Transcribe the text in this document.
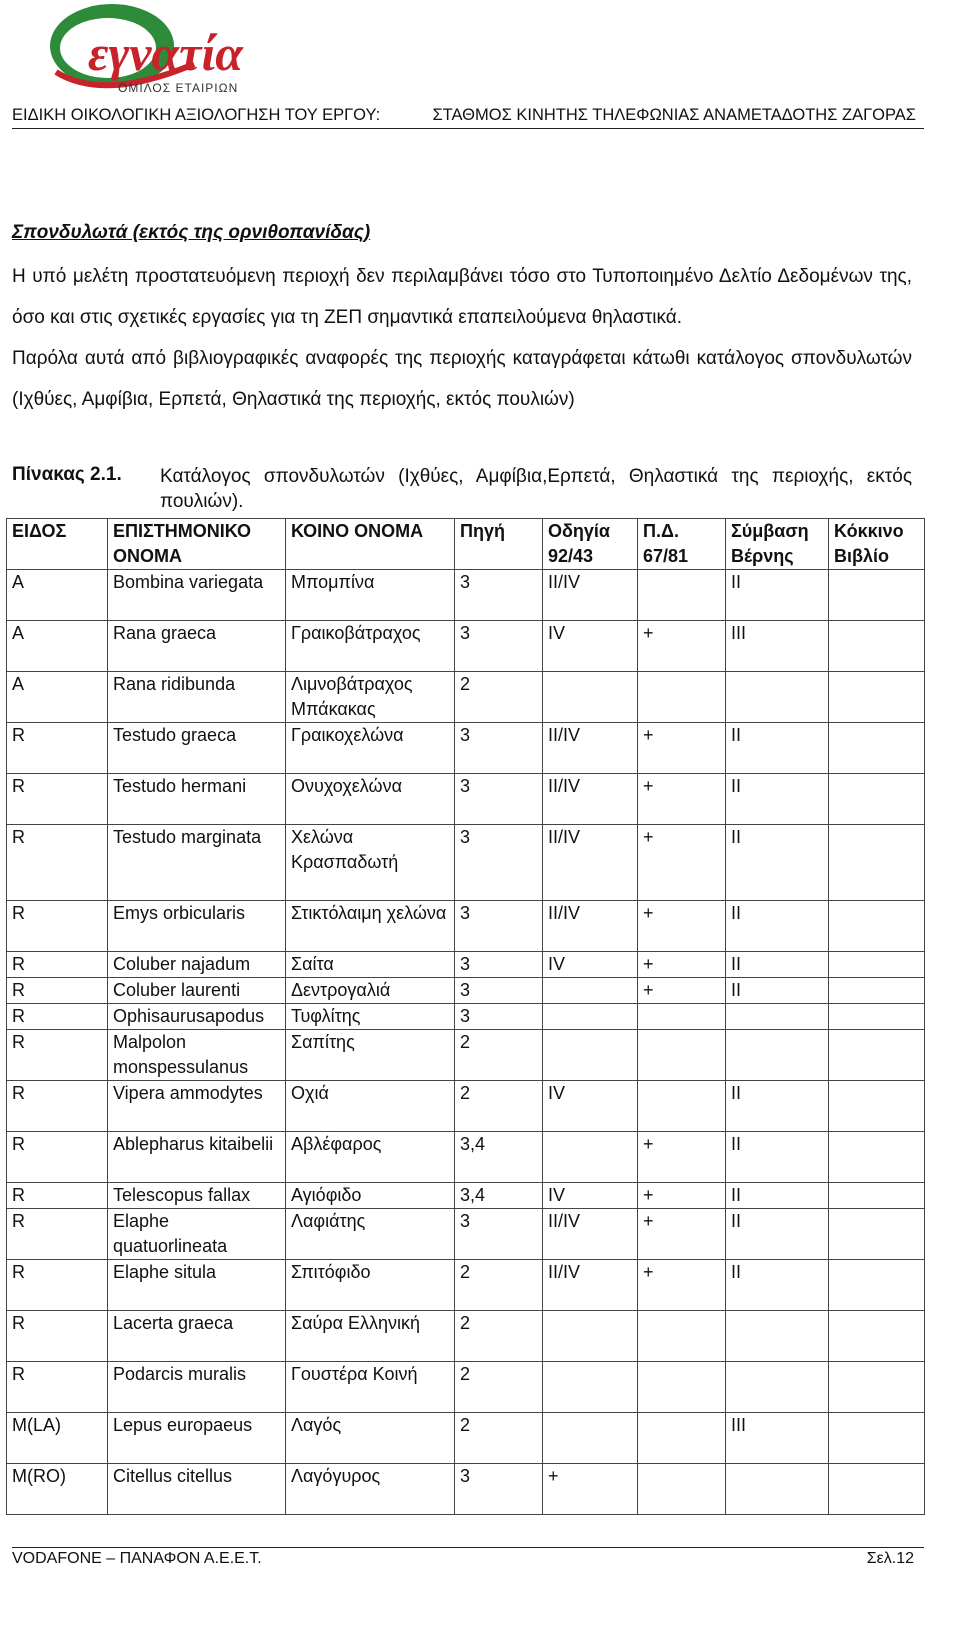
εγνατία
ΟΜΙΛΟΣ ΕΤΑΙΡΙΩΝ
ΕΙΔΙΚΗ ΟΙΚΟΛΟΓΙΚΗ ΑΞΙΟΛΟΓΗΣΗ ΤΟΥ ΕΡΓΟΥ:	ΣΤΑΘΜΟΣ ΚΙΝΗΤΗΣ ΤΗΛΕΦΩΝΙΑΣ ΑΝΑΜΕΤΑΔΟΤΗΣ ΖΑΓΟΡΑΣ
Σπονδυλωτά (εκτός της ορνιθοπανίδας)

Η υπό μελέτη προστατευόμενη περιοχή δεν περιλαμβάνει τόσο στο Τυποποιημένο Δελτίο Δεδομένων της, όσο και στις σχετικές εργασίες για τη ΖΕΠ σημαντικά επαπειλούμενα θηλαστικά.

Παρόλα αυτά από βιβλιογραφικές αναφορές της περιοχής καταγράφεται κάτωθι κατάλογος σπονδυλωτών (Ιχθύες, Αμφίβια, Ερπετά, Θηλαστικά της περιοχής, εκτός πουλιών)

Πίνακας 2.1. Κατάλογος σπονδυλωτών (Ιχθύες, Αμφίβια,Ερπετά, Θηλαστικά της περιοχής, εκτός πουλιών).
ΕΙΔΟΣ	ΕΠΙΣΤΗΜΟΝΙΚΟ ΟΝΟΜΑ	ΚΟΙΝΟ ΟΝΟΜΑ	Πηγή	Οδηγία 92/43	Π.Δ. 67/81	Σύμβαση Βέρνης	Κόκκινο Βιβλίο
A	Bombina variegata	Μπομπίνα	3	II/IV		II	
A	Rana graeca	Γραικοβάτραχος	3	IV	+	III	
A	Rana ridibunda	Λιμνοβάτραχος Μπάκακας	2				
R	Testudo graeca	Γραικοχελώνα	3	II/IV	+	II	
R	Testudo hermani	Ονυχοχελώνα	3	II/IV	+	II	
R	Testudo marginata	Χελώνα Κρασπαδωτή	3	II/IV	+	II	
R	Emys orbicularis	Στικτόλαιμη χελώνα	3	II/IV	+	II	
R	Coluber najadum	Σαίτα	3	IV	+	II	
R	Coluber laurenti	Δεντρογαλιά	3		+	II	
R	Ophisaurusapodus	Τυφλίτης	3				
R	Malpolon monspessulanus	Σαπίτης	2				
R	Vipera ammodytes	Οχιά	2	IV		II	
R	Ablepharus kitaibelii	Αβλέφαρος	3,4		+	II	
R	Telescopus fallax	Αγιόφιδο	3,4	IV	+	II	
R	Elaphe quatuorlineata	Λαφιάτης	3	II/IV	+	II	
R	Elaphe situla	Σπιτόφιδο	2	II/IV	+	II	
R	Lacerta graeca	Σαύρα Ελληνική	2				
R	Podarcis muralis	Γουστέρα Κοινή	2				
M(LA)	Lepus europaeus	Λαγός	2			III	
M(RO)	Citellus citellus	Λαγόγυρος	3	+			
VODAFONE – ΠΑΝΑΦΟΝ Α.Ε.Ε.Τ.	Σελ.12
